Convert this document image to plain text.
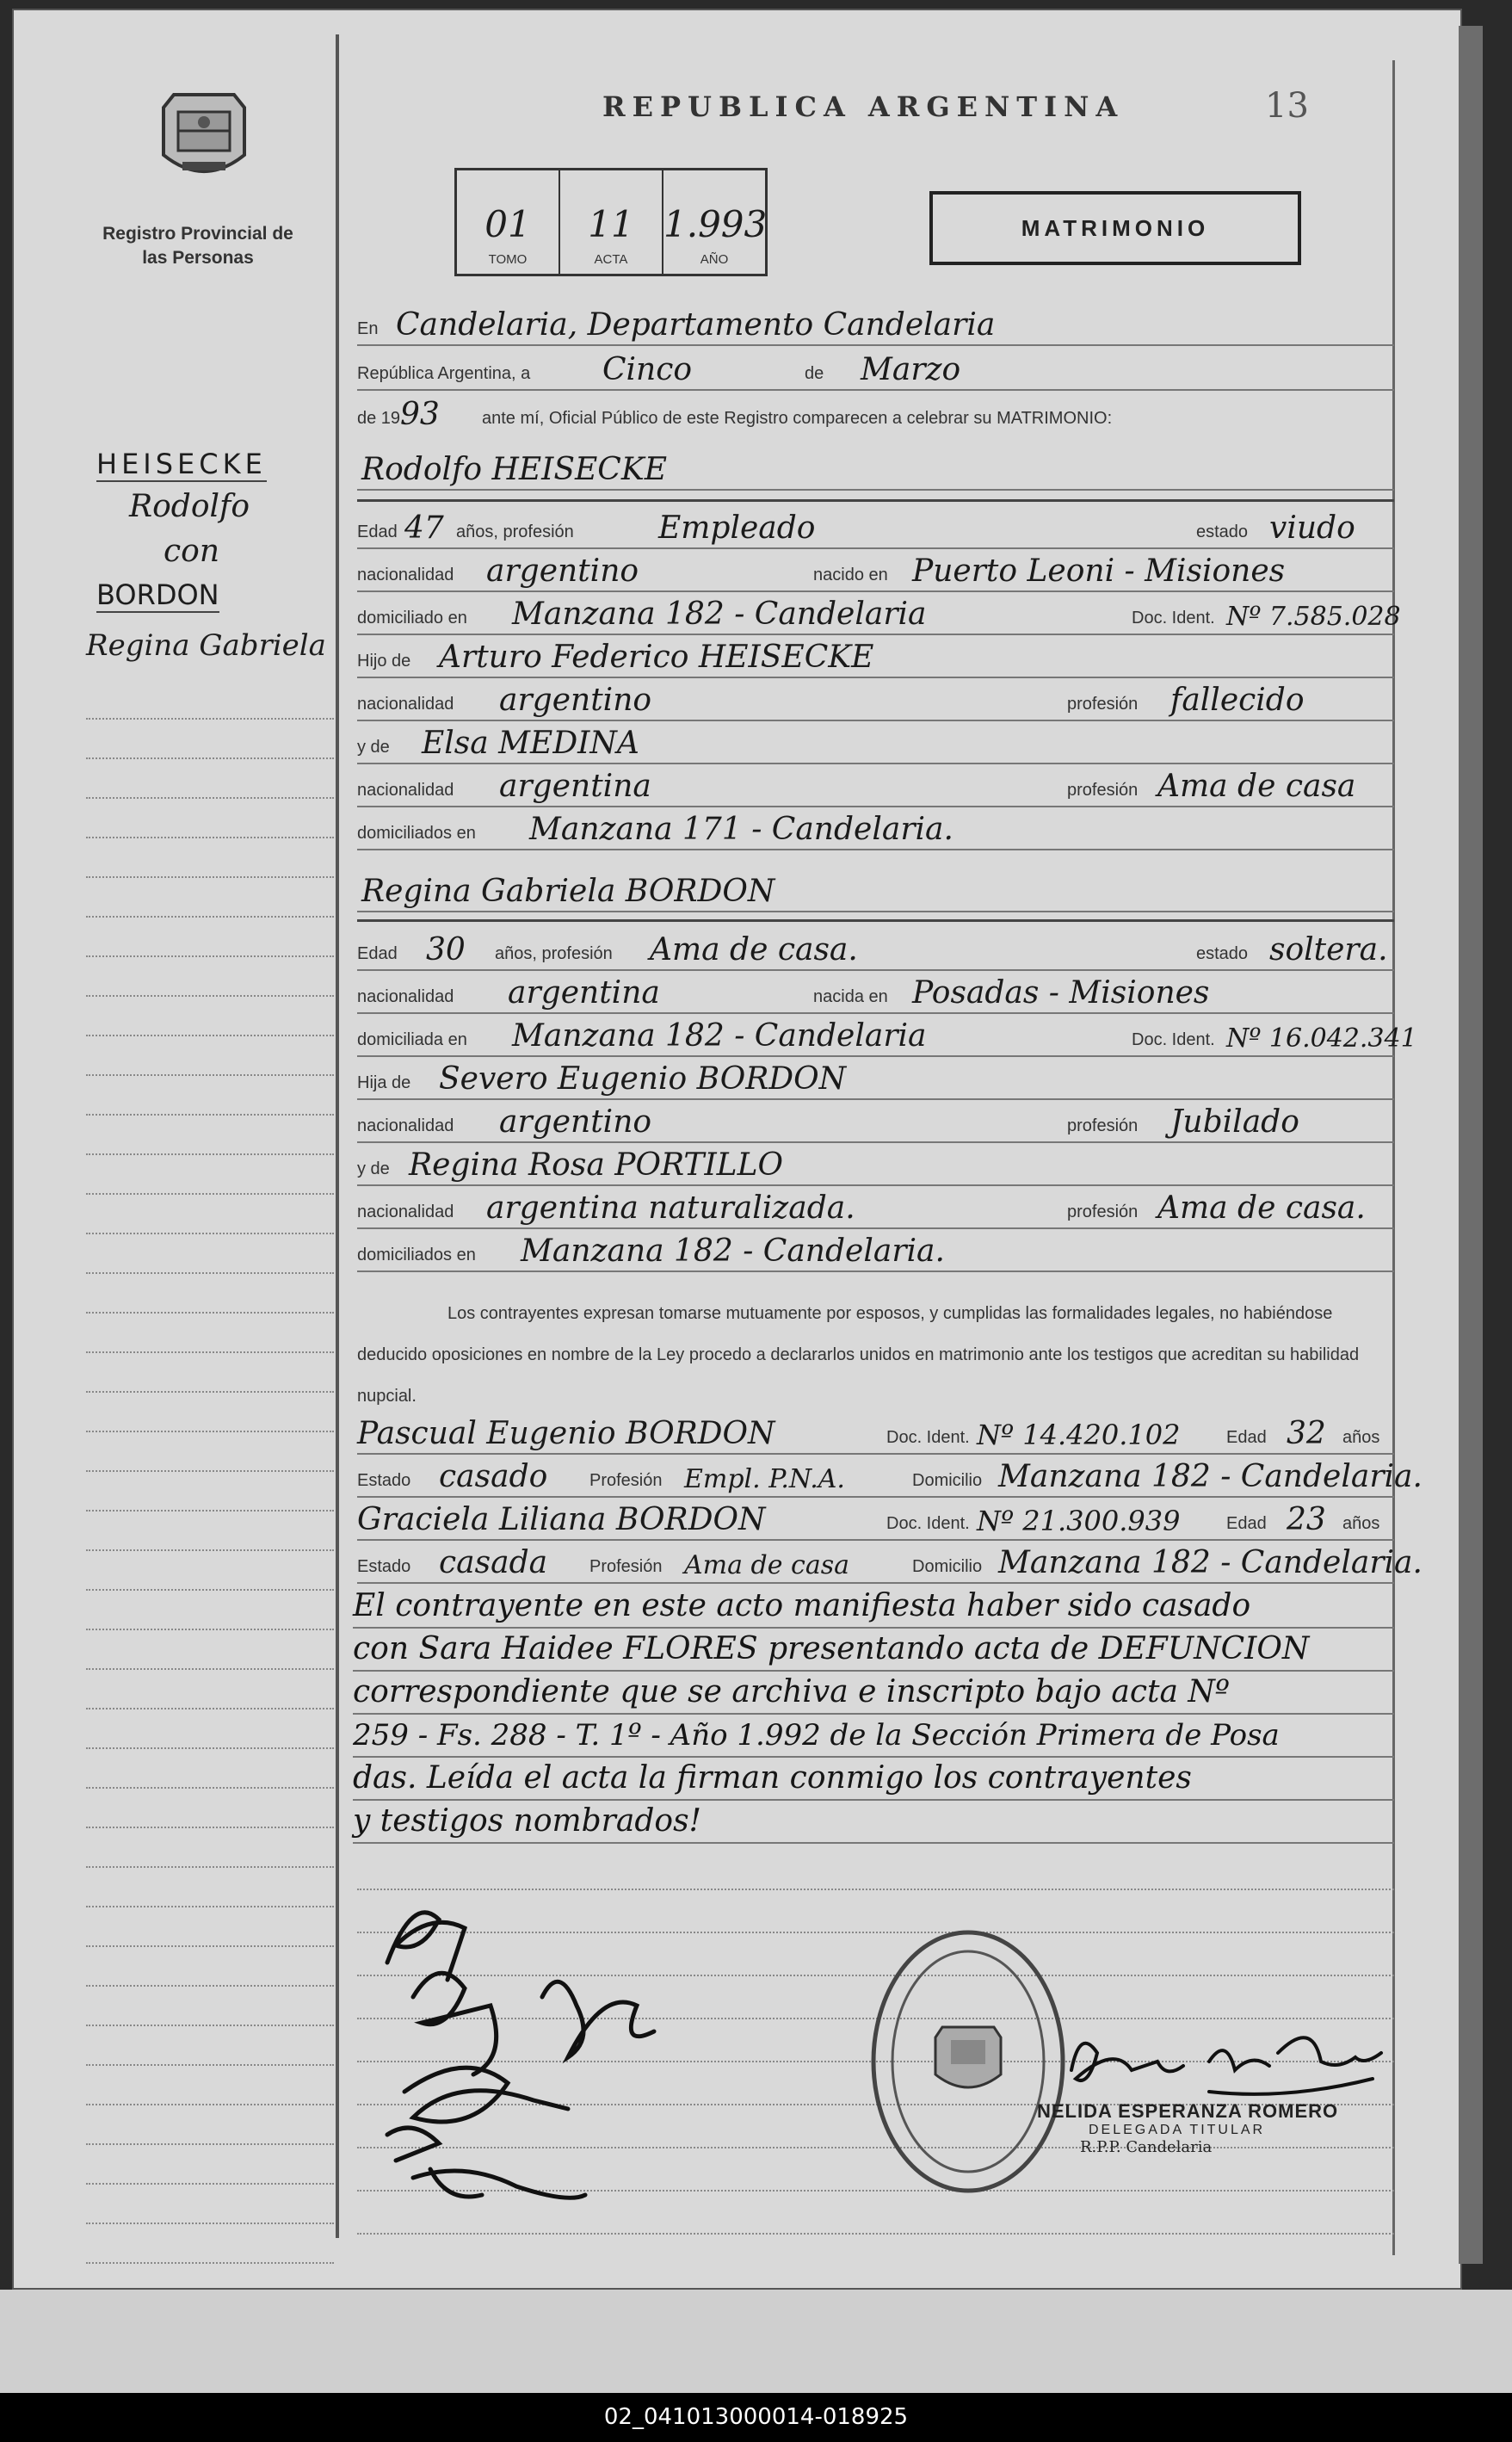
Registro Provincial de las Personas
HEISECKE
Rodolfo
con
BORDON
Regina Gabriela
REPUBLICA ARGENTINA	13
01
TOMO
11
ACTA
1.993
AÑO
MATRIMONIO
En Candelaria, Departamento Candelaria
República Argentina, a Cinco	de Marzo
de 19 93 ante mí, Oficial Público de este Registro comparecen a celebrar su MATRIMONIO:
Rodolfo HEISECKE
Edad 47 años, profesión	Empleado	estado viudo
nacionalidad argentino	nacido en Puerto Leoni - Misiones
domiciliado en Manzana 182 - Candelaria	Doc. Ident. Nº 7.585.028
Hijo de Arturo Federico HEISECKE
nacionalidad argentino	profesión fallecido
y de Elsa MEDINA
nacionalidad argentina	profesión Ama de casa
domiciliados en Manzana 171 - Candelaria.
Regina Gabriela BORDON
Edad 30 años, profesión Ama de casa.	estado soltera.
nacionalidad argentina	nacida en Posadas - Misiones
domiciliada en Manzana 182 - Candelaria	Doc. Ident. Nº 16.042.341
Hija de Severo Eugenio BORDON
nacionalidad argentino	profesión Jubilado
y de Regina Rosa PORTILLO
nacionalidad argentina naturalizada.	profesión Ama de casa.
domiciliados en Manzana 182 - Candelaria.
Los contrayentes expresan tomarse mutuamente por esposos, y cumplidas las formalidades legales, no habiéndose deducido oposiciones en nombre de la Ley procedo a declararlos unidos en matrimonio ante los testigos que acreditan su habilidad nupcial.
Pascual Eugenio BORDON	Doc. Ident. Nº 14.420.102	Edad 32 años
Estado casado Profesión Empl. P.N.A.	Domicilio Manzana 182 - Candelaria.
Graciela Liliana BORDON	Doc. Ident. Nº 21.300.939	Edad 23 años
Estado casada Profesión Ama de casa	Domicilio Manzana 182 - Candelaria.
El contrayente en este acto manifiesta haber sido casado
con Sara Haidee FLORES presentando acta de DEFUNCION
correspondiente que se archiva e inscripto bajo acta Nº
259 - Fs. 288 - T. 1º - Año 1.992 de la Sección Primera de Posa
das. Leída el acta la firman conmigo los contrayentes
y testigos nombrados!
NELIDA ESPERANZA ROMERO
DELEGADA TITULAR
R.P.P. Candelaria
02_041013000014-018925
